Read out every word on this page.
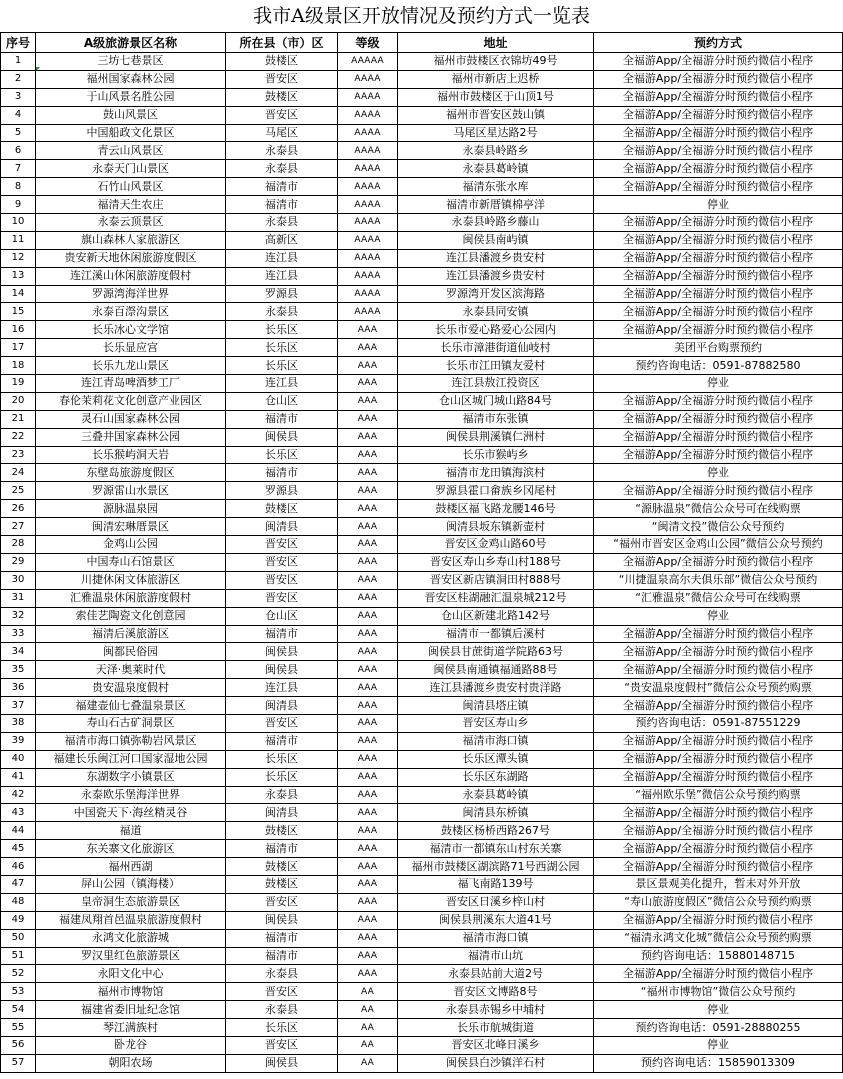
我市A级景区开放情况及预约方式一览表
序号	A级旅游景区名称	所在县（市）区	等级	地址	预约方式
1	三坊七巷景区	鼓楼区	AAAAA	福州市鼓楼区衣锦坊49号	全福游App/全福游分时预约微信小程序
2	福州国家森林公园	晋安区	AAAA	福州市新店上迟桥	全福游App/全福游分时预约微信小程序
3	于山风景名胜公园	鼓楼区	AAAA	福州市鼓楼区于山顶1号	全福游App/全福游分时预约微信小程序
4	鼓山风景区	晋安区	AAAA	福州市晋安区鼓山镇	全福游App/全福游分时预约微信小程序
5	中国船政文化景区	马尾区	AAAA	马尾区星达路2号	全福游App/全福游分时预约微信小程序
6	青云山风景区	永泰县	AAAA	永泰县岭路乡	全福游App/全福游分时预约微信小程序
7	永泰天门山景区	永泰县	AAAA	永泰县葛岭镇	全福游App/全福游分时预约微信小程序
8	石竹山风景区	福清市	AAAA	福清东张水库	全福游App/全福游分时预约微信小程序
9	福清天生农庄	福清市	AAAA	福清市新厝镇棉亭洋	停业
10	永泰云顶景区	永泰县	AAAA	永泰县岭路乡藤山	全福游App/全福游分时预约微信小程序
11	旗山森林人家旅游区	高新区	AAAA	闽侯县南屿镇	全福游App/全福游分时预约微信小程序
12	贵安新天地休闲旅游度假区	连江县	AAAA	连江县潘渡乡贵安村	全福游App/全福游分时预约微信小程序
13	连江溪山休闲旅游度假村	连江县	AAAA	连江县潘渡乡贵安村	全福游App/全福游分时预约微信小程序
14	罗源湾海洋世界	罗源县	AAAA	罗源湾开发区滨海路	全福游App/全福游分时预约微信小程序
15	永泰百漈沟景区	永泰县	AAAA	永泰县同安镇	全福游App/全福游分时预约微信小程序
16	长乐冰心文学馆	长乐区	AAA	长乐市爱心路爱心公园内	全福游App/全福游分时预约微信小程序
17	长乐显应宫	长乐区	AAA	长乐市漳港街道仙岐村	美团平台购票预约
18	长乐九龙山景区	长乐区	AAA	长乐市江田镇友爱村	预约咨询电话：0591-87882580
19	连江青岛啤酒梦工厂	连江县	AAA	连江县敖江投资区	停业
20	春伦茉莉花文化创意产业园区	仓山区	AAA	仓山区城门城山路84号	全福游App/全福游分时预约微信小程序
21	灵石山国家森林公园	福清市	AAA	福清市东张镇	全福游App/全福游分时预约微信小程序
22	三叠井国家森林公园	闽侯县	AAA	闽侯县荆溪镇仁洲村	全福游App/全福游分时预约微信小程序
23	长乐猴屿洞天岩	长乐区	AAA	长乐市猴屿乡	全福游App/全福游分时预约微信小程序
24	东壁岛旅游度假区	福清市	AAA	福清市龙田镇海滨村	停业
25	罗源雷山水景区	罗源县	AAA	罗源县霍口畲族乡冈尾村	全福游App/全福游分时预约微信小程序
26	源脉温泉园	鼓楼区	AAA	鼓楼区福飞路龙腰146号	“源脉温泉”微信公众号可在线购票
27	闽清宏琳厝景区	闽清县	AAA	闽清县坂东镇新壶村	“闽清文投”微信公众号预约
28	金鸡山公园	晋安区	AAA	晋安区金鸡山路60号	“福州市晋安区金鸡山公园”微信公众号预约
29	中国寿山石馆景区	晋安区	AAA	晋安区寿山乡寿山村188号	全福游App/全福游分时预约微信小程序
30	川捷休闲文体旅游区	晋安区	AAA	晋安区新店镇洞田村888号	“川捷温泉高尔夫俱乐部”微信公众号预约
31	汇雅温泉休闲旅游度假村	晋安区	AAA	晋安区桂湖融汇温泉城212号	“汇雅温泉”微信公众号可在线购票
32	索佳艺陶瓷文化创意园	仓山区	AAA	仓山区新建北路142号	停业
33	福清后溪旅游区	福清市	AAA	福清市一都镇后溪村	全福游App/全福游分时预约微信小程序
34	闽都民俗园	闽侯县	AAA	闽侯县甘蔗街道学院路63号	全福游App/全福游分时预约微信小程序
35	天泽·奥莱时代	闽侯县	AAA	闽侯县南通镇福通路88号	全福游App/全福游分时预约微信小程序
36	贵安温泉度假村	连江县	AAA	连江县潘渡乡贵安村贵洋路	“贵安温泉度假村”微信公众号预约购票
37	福建壶仙七叠温泉景区	闽清县	AAA	闽清县塔庄镇	全福游App/全福游分时预约微信小程序
38	寿山石古矿洞景区	晋安区	AAA	晋安区寿山乡	预约咨询电话：0591-87551229
39	福清市海口镇弥勒岩风景区	福清市	AAA	福清市海口镇	全福游App/全福游分时预约微信小程序
40	福建长乐闽江河口国家湿地公园	长乐区	AAA	长乐区潭头镇	全福游App/全福游分时预约微信小程序
41	东湖数字小镇景区	长乐区	AAA	长乐区东湖路	全福游App/全福游分时预约微信小程序
42	永泰欧乐堡海洋世界	永泰县	AAA	永泰县葛岭镇	“福州欧乐堡”微信公众号预约购票
43	中国瓷天下·海丝精灵谷	闽清县	AAA	闽清县东桥镇	全福游App/全福游分时预约微信小程序
44	福道	鼓楼区	AAA	鼓楼区杨桥西路267号	全福游App/全福游分时预约微信小程序
45	东关寨文化旅游区	福清市	AAA	福清市一都镇东山村东关寨	全福游App/全福游分时预约微信小程序
46	福州西湖	鼓楼区	AAA	福州市鼓楼区湖滨路71号西湖公园	全福游App/全福游分时预约微信小程序
47	屏山公园（镇海楼）	鼓楼区	AAA	福飞南路139号	景区景观美化提升，暂未对外开放
48	皇帝洞生态旅游景区	晋安区	AAA	晋安区日溪乡梓山村	“寿山旅游度假区”微信公众号预约购票
49	福建凤翔首邑温泉旅游度假村	闽侯县	AAA	闽侯县荆溪东大道41号	全福游App/全福游分时预约微信小程序
50	永鸿文化旅游城	福清市	AAA	福清市海口镇	“福清永鸿文化城”微信公众号预约购票
51	罗汉里红色旅游景区	福清市	AAA	福清市山坑	预约咨询电话：15880148715
52	永阳文化中心	永泰县	AAA	永泰县站前大道2号	全福游App/全福游分时预约微信小程序
53	福州市博物馆	晋安区	AA	晋安区文博路8号	“福州市博物馆”微信公众号预约
54	福建省委旧址纪念馆	永泰县	AA	永泰县赤锡乡中埔村	停业
55	琴江满族村	长乐区	AA	长乐市航城街道	预约咨询电话：0591-28880255
56	卧龙谷	晋安区	AA	晋安区北峰日溪乡	停业
57	朝阳农场	闽侯县	AA	闽侯县白沙镇洋石村	预约咨询电话：15859013309
